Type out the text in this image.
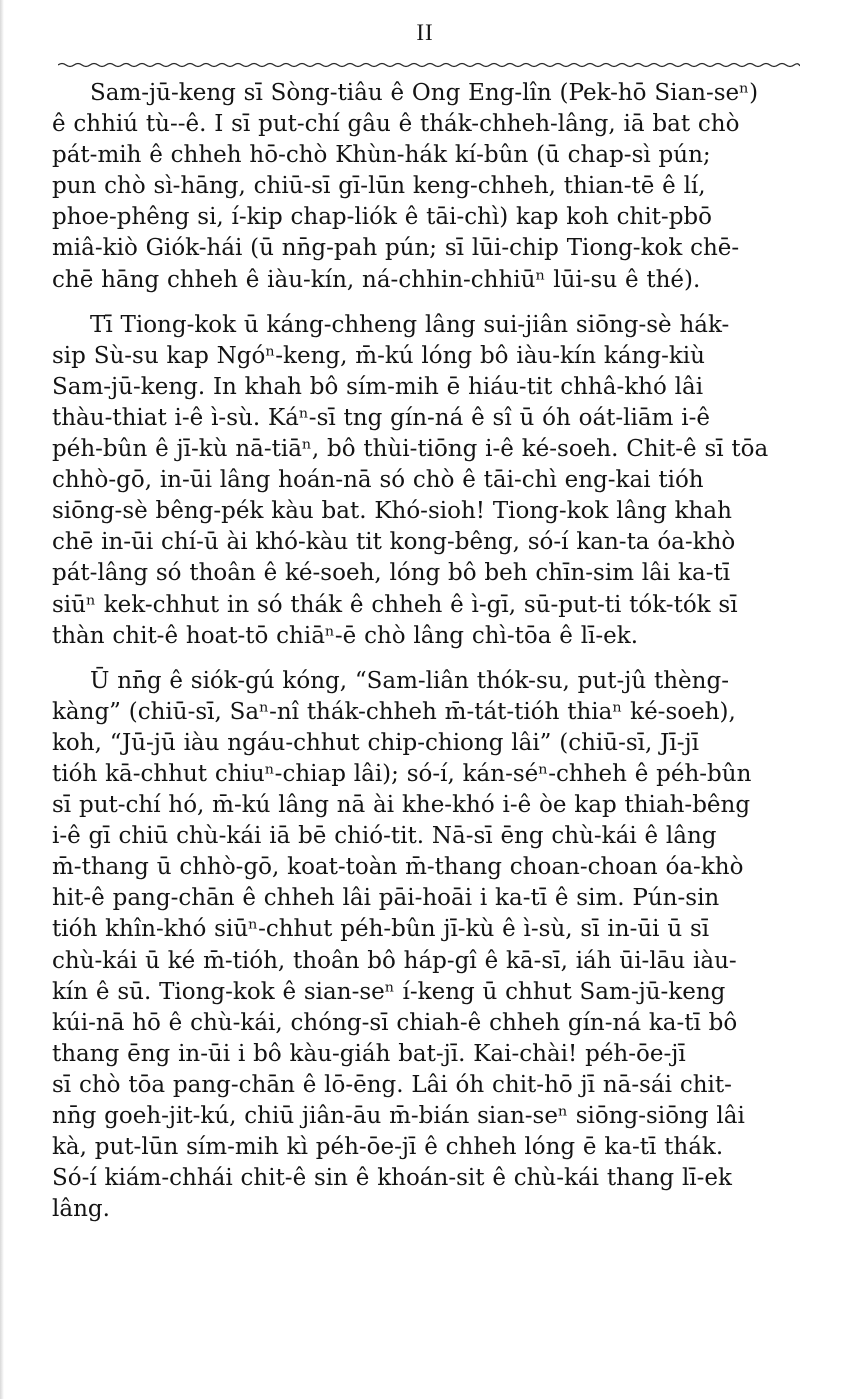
II

Sam-jū-keng sī Sòng-tiâu ê Ong Eng-lîn (Pek-hō Sian-seⁿ)
ê chhiú tù--ê. I sī put-chí gâu ê thák-chheh-lâng, iā bat chò
pát-mih ê chheh hō-chò Khùn-hák kí-bûn (ū chap-sì pún;
pun chò sì-hāng, chiū-sī gī-lūn keng-chheh, thian-tē ê lí,
phoe-phêng si, í-kip chap-liók ê tāi-chì) kap koh chit-pbō
miâ-kiò Giók-hái (ū nn̄g-pah pún; sī lūi-chip Tiong-kok chē-
chē hāng chheh ê iàu-kín, ná-chhin-chhiūⁿ lūi-su ê thé).

Tī Tiong-kok ū káng-chheng lâng sui-jiân siōng-sè hák-
sip Sù-su kap Ngóⁿ-keng, m̄-kú lóng bô iàu-kín káng-kiù
Sam-jū-keng. In khah bô sím-mih ē hiáu-tit chhâ-khó lâi
thàu-thiat i-ê ì-sù. Káⁿ-sī tng gín-ná ê sî ū óh oát-liām i-ê
péh-bûn ê jī-kù nā-tiāⁿ, bô thùi-tiōng i-ê ké-soeh. Chit-ê sī tōa
chhò-gō, in-ūi lâng hoán-nā só chò ê tāi-chì eng-kai tióh
siōng-sè bêng-pék kàu bat. Khó-sioh! Tiong-kok lâng khah
chē in-ūi chí-ū ài khó-kàu tit kong-bêng, só-í kan-ta óa-khò
pát-lâng só thoân ê ké-soeh, lóng bô beh chīn-sim lâi ka-tī
siūⁿ kek-chhut in só thák ê chheh ê ì-gī, sū-put-ti tók-tók sī
thàn chit-ê hoat-tō chiāⁿ-ē chò lâng chì-tōa ê lī-ek.

Ū nn̄g ê siók-gú kóng, “Sam-liân thók-su, put-jû thèng-
kàng” (chiū-sī, Saⁿ-nî thák-chheh m̄-tát-tióh thiaⁿ ké-soeh),
koh, “Jū-jū iàu ngáu-chhut chip-chiong lâi” (chiū-sī, Jī-jī
tióh kā-chhut chiuⁿ-chiap lâi); só-í, kán-séⁿ-chheh ê péh-bûn
sī put-chí hó, m̄-kú lâng nā ài khe-khó i-ê òe kap thiah-bêng
i-ê gī chiū chù-kái iā bē chió-tit. Nā-sī ēng chù-kái ê lâng
m̄-thang ū chhò-gō, koat-toàn m̄-thang choan-choan óa-khò
hit-ê pang-chān ê chheh lâi pāi-hoāi i ka-tī ê sim. Pún-sin
tióh khîn-khó siūⁿ-chhut péh-bûn jī-kù ê ì-sù, sī in-ūi ū sī
chù-kái ū ké m̄-tióh, thoân bô háp-gî ê kā-sī, iáh ūi-lāu iàu-
kín ê sū. Tiong-kok ê sian-seⁿ í-keng ū chhut Sam-jū-keng
kúi-nā hō ê chù-kái, chóng-sī chiah-ê chheh gín-ná ka-tī bô
thang ēng in-ūi i bô kàu-giáh bat-jī. Kai-chài! péh-ōe-jī
sī chò tōa pang-chān ê lō-ēng. Lâi óh chit-hō jī nā-sái chit-
nn̄g goeh-jit-kú, chiū jiân-āu m̄-bián sian-seⁿ siōng-siōng lâi
kà, put-lūn sím-mih kì péh-ōe-jī ê chheh lóng ē ka-tī thák.
Só-í kiám-chhái chit-ê sin ê khoán-sit ê chù-kái thang lī-ek
lâng.
